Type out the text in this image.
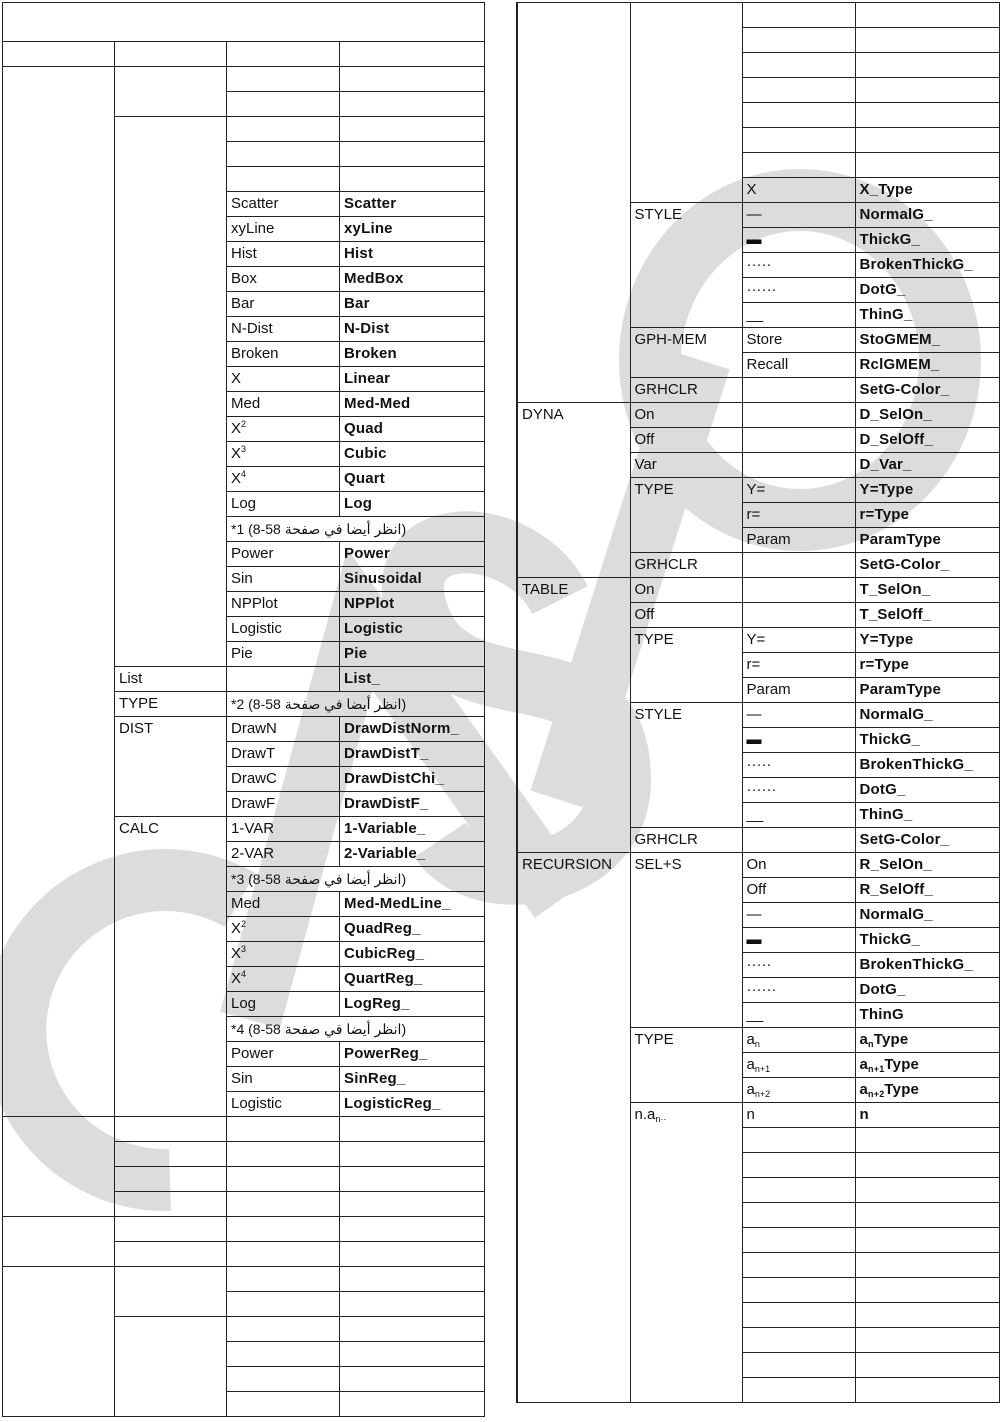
		Scatter	Scatter
		xyLine	xyLine
		Hist	Hist
		Box	MedBox
		Bar	Bar
		N-Dist	N-Dist
		Broken	Broken
		X	Linear
		Med	Med-Med
		$X^2$	Quad
		$X^3$	Cubic
		$X^4$	Quart
		Log	Log
		*1 (8-58 انظر أيضا في صفحة)	
		Power	Power
		Sin	Sinusoidal
		NPPlot	NPPlot
		Logistic	Logistic
		Pie	Pie
	List		List_
	TYPE	*2 (8-58 انظر أيضا في صفحة)	
	DIST	DrawN	DrawDistNorm_
		DrawT	DrawDistT_
		DrawC	DrawDistChi_
		DrawF	DrawDistF_
	CALC	1-VAR	1-Variable_
		2-VAR	2-Variable_
		*3 (8-58 انظر أيضا في صفحة)	
		Med	Med-MedLine_
		$X^2$	QuadReg_
		$X^3$	CubicReg_
		$X^4$	QuartReg_
		Log	LogReg_
		*4 (8-58 انظر أيضا في صفحة)	
		Power	PowerReg_
		Sin	SinReg_
		Logistic	LogisticReg_

		X	X_Type
	STYLE	—	NormalG_
		▬	ThickG_
		·····	BrokenThickG_
		······	DotG_
		__	ThinG_
	GPH-MEM	Store	StoGMEM_
		Recall	RclGMEM_
	GRHCLR		SetG-Color_
DYNA	On		D_SelOn_
	Off		D_SelOff_
	Var		D_Var_
	TYPE	Y=	Y=Type
		r=	r=Type
		Param	ParamType
	GRHCLR		SetG-Color_
TABLE	On		T_SelOn_
	Off		T_SelOff_
	TYPE	Y=	Y=Type
		r=	r=Type
		Param	ParamType
	STYLE	—	NormalG_
		▬	ThickG_
		·····	BrokenThickG_
		······	DotG_
		__	ThinG_
	GRHCLR		SetG-Color_
RECURSION	SEL+S	On	R_SelOn_
		Off	R_SelOff_
		—	NormalG_
		▬	ThickG_
		·····	BrokenThickG_
		······	DotG_
		__	ThinG
	TYPE	$a_n$	$a_nType$
		$a_{n+1}$	$a_{n+1}Type$
		$a_{n+2}$	$a_{n+2}Type$
	$n.a_{n\cdot\cdot}$	n	n
